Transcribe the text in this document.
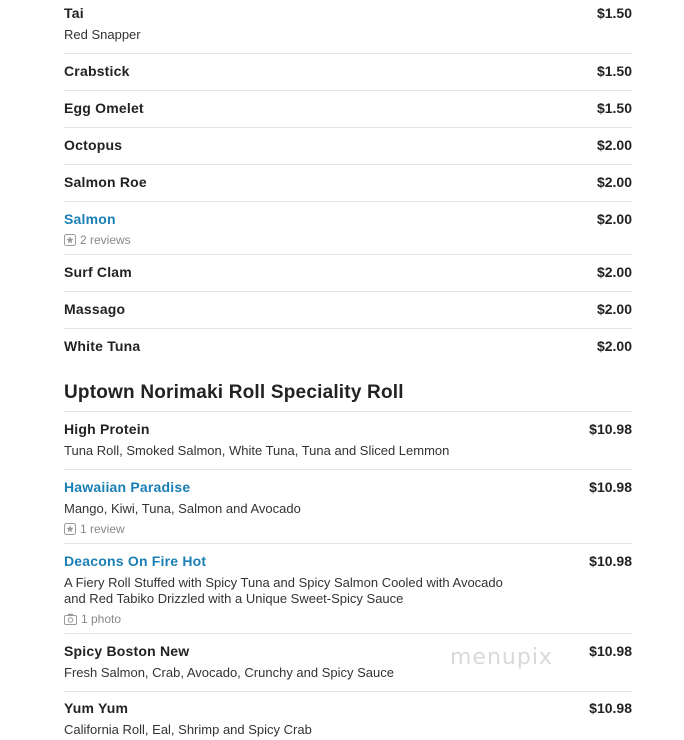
Tai	$1.50
Red Snapper
Crabstick	$1.50
Egg Omelet	$1.50
Octopus	$2.00
Salmon Roe	$2.00
Salmon	$2.00
2 reviews
Surf Clam	$2.00
Massago	$2.00
White Tuna	$2.00
Uptown Norimaki Roll Speciality Roll
High Protein	$10.98
Tuna Roll, Smoked Salmon, White Tuna, Tuna and Sliced Lemmon
Hawaiian Paradise	$10.98
Mango, Kiwi, Tuna, Salmon and Avocado
1 review
Deacons On Fire Hot	$10.98
A Fiery Roll Stuffed with Spicy Tuna and Spicy Salmon Cooled with Avocado and Red Tabiko Drizzled with a Unique Sweet-Spicy Sauce
1 photo
Spicy Boston New	$10.98
Fresh Salmon, Crab, Avocado, Crunchy and Spicy Sauce
Yum Yum	$10.98
California Roll, Eal, Shrimp and Spicy Crab
menupix
